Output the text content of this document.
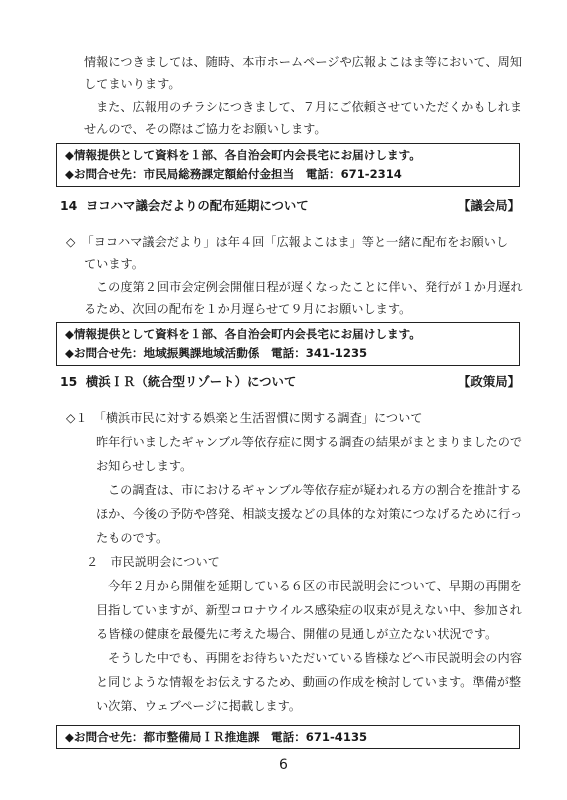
情報につきましては、随時、本市ホームページや広報よこはま等において、周知
してまいります。
また、広報用のチラシにつきまして、７月にご依頼させていただくかもしれま
せんので、その際はご協力をお願いします。
◆情報提供として資料を１部、各自治会町内会長宅にお届けします。
◆お問合せ先：市民局総務課定額給付金担当　電話：671-2314
14 ヨコハマ議会だよりの配布延期について	【議会局】
◇　「ヨコハマ議会だより」は年４回「広報よこはま」等と一緒に配布をお願いし
ています。
この度第２回市会定例会開催日程が遅くなったことに伴い、発行が１か月遅れ
るため、次回の配布を１か月遅らせて９月にお願いします。
◆情報提供として資料を１部、各自治会町内会長宅にお届けします。
◆お問合せ先：地域振興課地域活動係　電話：341-1235
15 横浜ＩＲ（統合型リゾート）について	【政策局】
◇１　「横浜市民に対する娯楽と生活習慣に関する調査」について
昨年行いましたギャンブル等依存症に関する調査の結果がまとまりましたので
お知らせします。
この調査は、市におけるギャンブル等依存症が疑われる方の割合を推計する
ほか、今後の予防や啓発、相談支援などの具体的な対策につなげるために行っ
たものです。
２　市民説明会について
今年２月から開催を延期している６区の市民説明会について、早期の再開を
目指していますが、新型コロナウイルス感染症の収束が見えない中、参加され
る皆様の健康を最優先に考えた場合、開催の見通しが立たない状況です。
そうした中でも、再開をお待ちいただいている皆様などへ市民説明会の内容
と同じような情報をお伝えするため、動画の作成を検討しています。準備が整
い次第、ウェブページに掲載します。
◆お問合せ先：都市整備局ＩＲ推進課　電話：671-4135
6
